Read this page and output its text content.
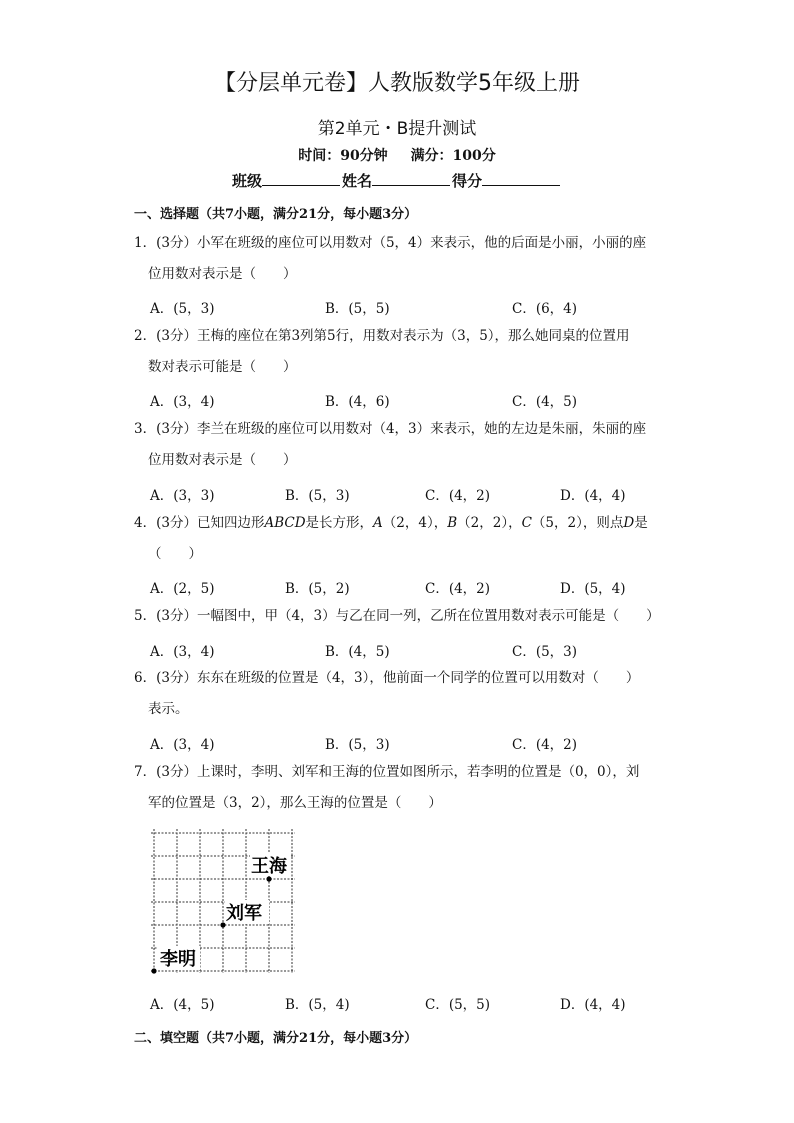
【分层单元卷】人教版数学5年级上册
第2单元・B提升测试
时间：90分钟 满分：100分
班级	姓名	得分
一、选择题（共7小题，满分21分，每小题3分）
1．(3分）小军在班级的座位可以用数对（5，4）来表示，他的后面是小丽，小丽的座
位用数对表示是（　　）
A．(5，3)	B．(5，5)	C．(6，4)
2．(3分）王梅的座位在第3列第5行，用数对表示为（3，5），那么她同桌的位置用
数对表示可能是（　　）
A．(3，4)	B．(4，6)	C．(4，5)
3．(3分）李兰在班级的座位可以用数对（4，3）来表示，她的左边是朱丽，朱丽的座
位用数对表示是（　　）
A．(3，3)	B．(5，3)	C．(4，2)	D．(4，4)
4．(3分）已知四边形ABCD是长方形，A（2，4），B（2，2），C（5，2），则点D是
（　　）
A．(2，5)	B．(5，2)	C．(4，2)	D．(5，4)
5．(3分）一幅图中，甲（4，3）与乙在同一列，乙所在位置用数对表示可能是（　　）
A．(3，4)	B．(4，5)	C．(5，3)
6．(3分）东东在班级的位置是（4，3），他前面一个同学的位置可以用数对（　　）
表示。
A．(3，4)	B．(5，3)	C．(4，2)
7．(3分）上课时，李明、刘军和王海的位置如图所示，若李明的位置是（0，0），刘
军的位置是（3，2），那么王海的位置是（　　）
王海
刘军
李明
A．(4，5)	B．(5，4)	C．(5，5)	D．(4，4)
二、填空题（共7小题，满分21分，每小题3分）
